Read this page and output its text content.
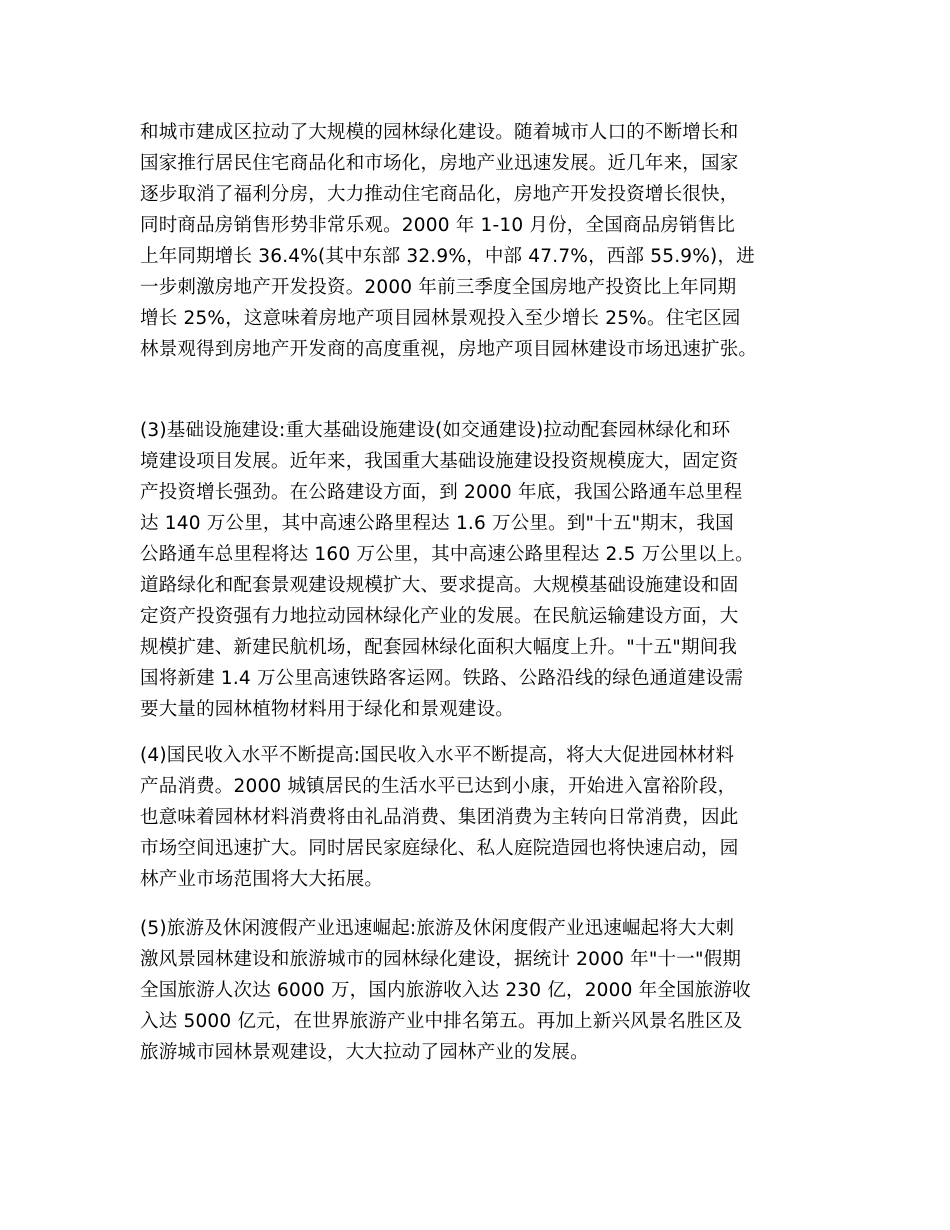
和城市建成区拉动了大规模的园林绿化建设。随着城市人口的不断增长和
国家推行居民住宅商品化和市场化，房地产业迅速发展。近几年来，国家
逐步取消了福利分房，大力推动住宅商品化，房地产开发投资增长很快，
同时商品房销售形势非常乐观。2000 年 1-10 月份，全国商品房销售比
上年同期增长 36.4%(其中东部 32.9%，中部 47.7%，西部 55.9%)，进
一步刺激房地产开发投资。2000 年前三季度全国房地产投资比上年同期
增长 25%，这意味着房地产项目园林景观投入至少增长 25%。住宅区园
林景观得到房地产开发商的高度重视，房地产项目园林建设市场迅速扩张。
(3)基础设施建设:重大基础设施建设(如交通建设)拉动配套园林绿化和环
境建设项目发展。近年来，我国重大基础设施建设投资规模庞大，固定资
产投资增长强劲。在公路建设方面，到 2000 年底，我国公路通车总里程
达 140 万公里，其中高速公路里程达 1.6 万公里。到"十五"期末，我国
公路通车总里程将达 160 万公里，其中高速公路里程达 2.5 万公里以上。
道路绿化和配套景观建设规模扩大、要求提高。大规模基础设施建设和固
定资产投资强有力地拉动园林绿化产业的发展。在民航运输建设方面，大
规模扩建、新建民航机场，配套园林绿化面积大幅度上升。"十五"期间我
国将新建 1.4 万公里高速铁路客运网。铁路、公路沿线的绿色通道建设需
要大量的园林植物材料用于绿化和景观建设。
(4)国民收入水平不断提高:国民收入水平不断提高，将大大促进园林材料
产品消费。2000 城镇居民的生活水平已达到小康，开始进入富裕阶段，
也意味着园林材料消费将由礼品消费、集团消费为主转向日常消费，因此
市场空间迅速扩大。同时居民家庭绿化、私人庭院造园也将快速启动，园
林产业市场范围将大大拓展。
(5)旅游及休闲渡假产业迅速崛起:旅游及休闲度假产业迅速崛起将大大刺
激风景园林建设和旅游城市的园林绿化建设，据统计 2000 年"十一"假期
全国旅游人次达 6000 万，国内旅游收入达 230 亿，2000 年全国旅游收
入达 5000 亿元，在世界旅游产业中排名第五。再加上新兴风景名胜区及
旅游城市园林景观建设，大大拉动了园林产业的发展。
